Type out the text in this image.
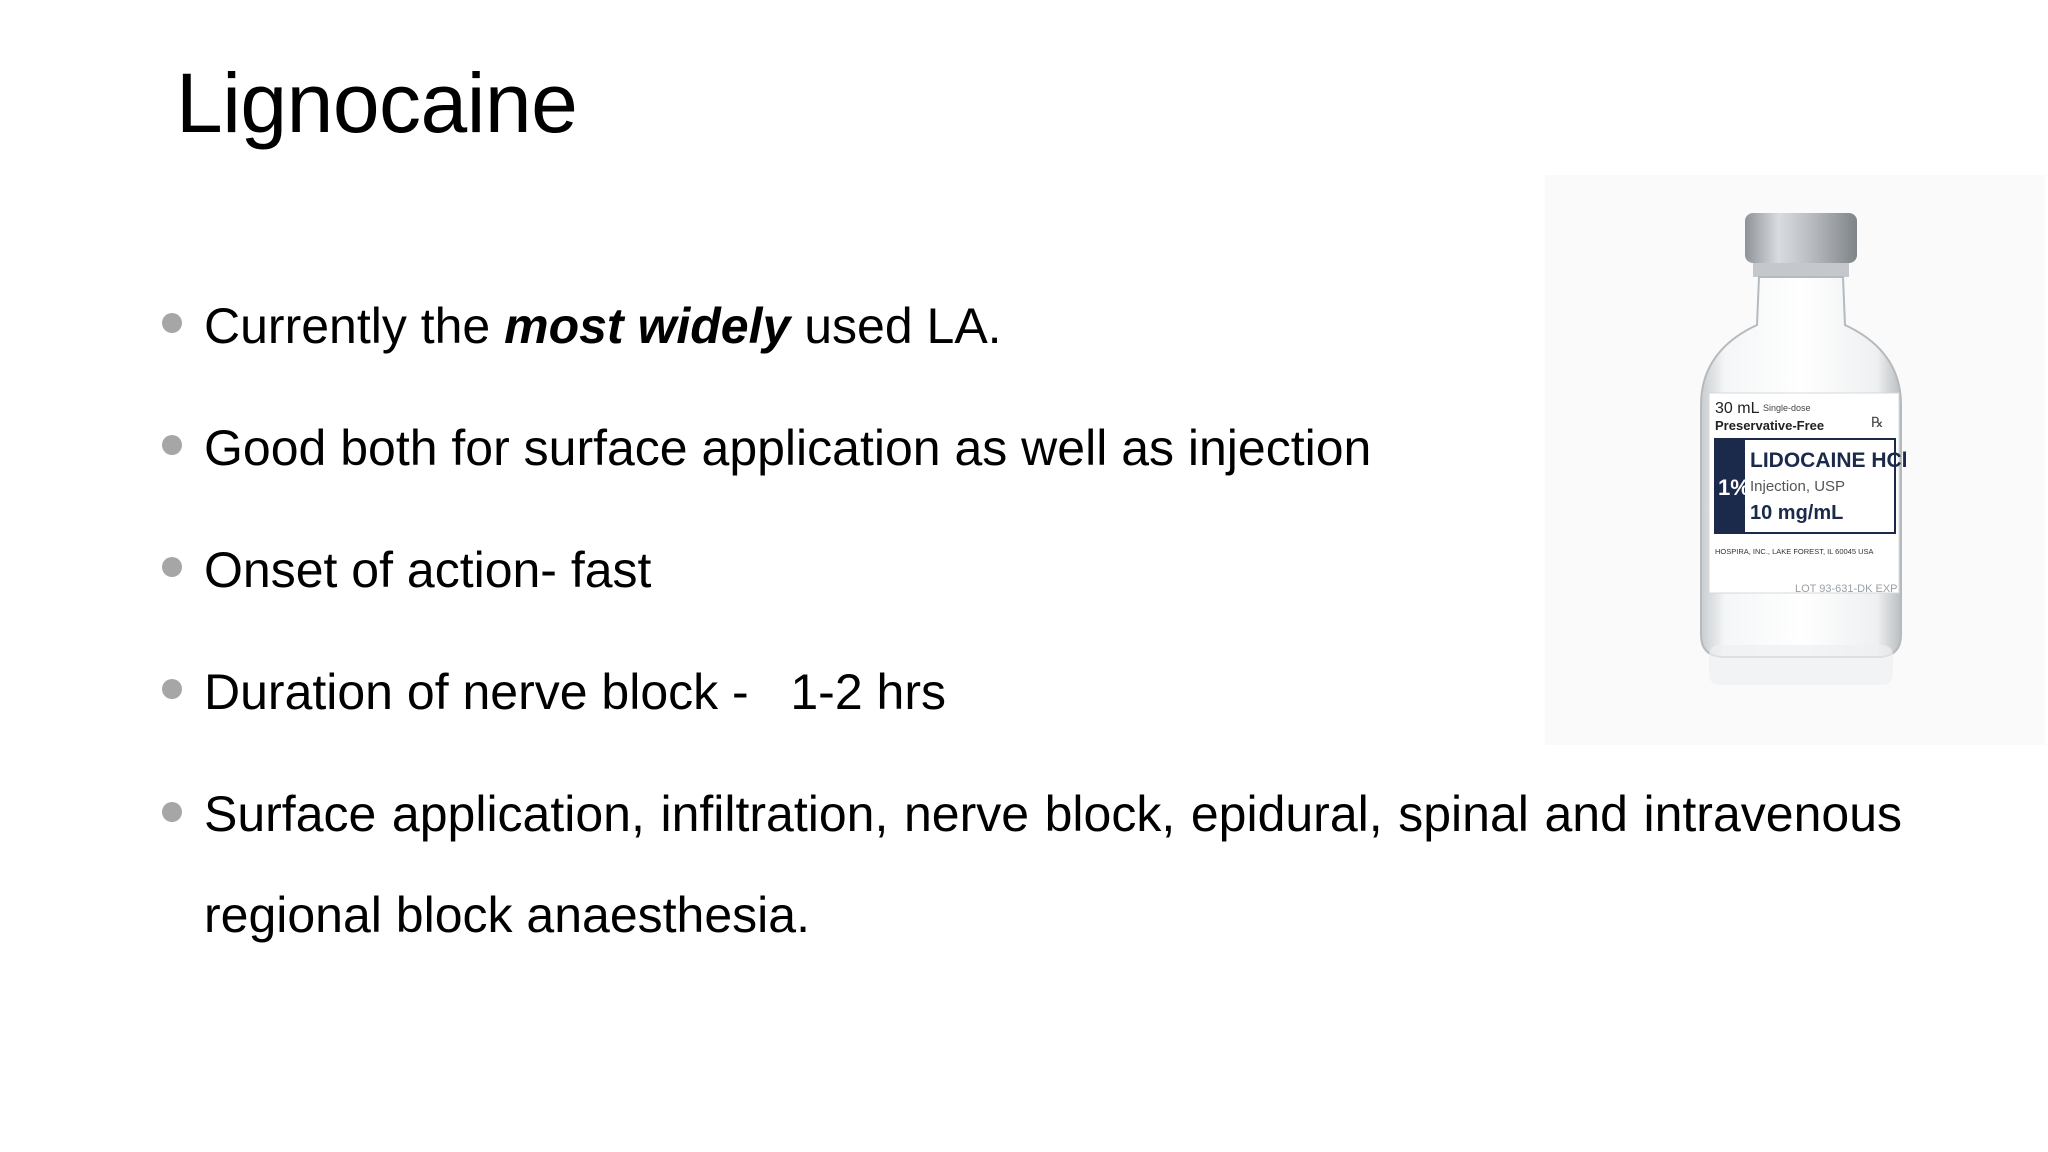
Lignocaine
Currently the most widely used LA.
Good both for surface application as well as injection
Onset of action- fast
Duration of nerve block -   1-2 hrs
Surface application, infiltration, nerve block, epidural, spinal and intravenous regional block anaesthesia.
30 mL Single-dose
Preservative-Free	℞
1%
LIDOCAINE HCl
Injection, USP
10 mg/mL
HOSPIRA, INC., LAKE FOREST, IL 60045 USA
LOT 93-631-DK EXP
